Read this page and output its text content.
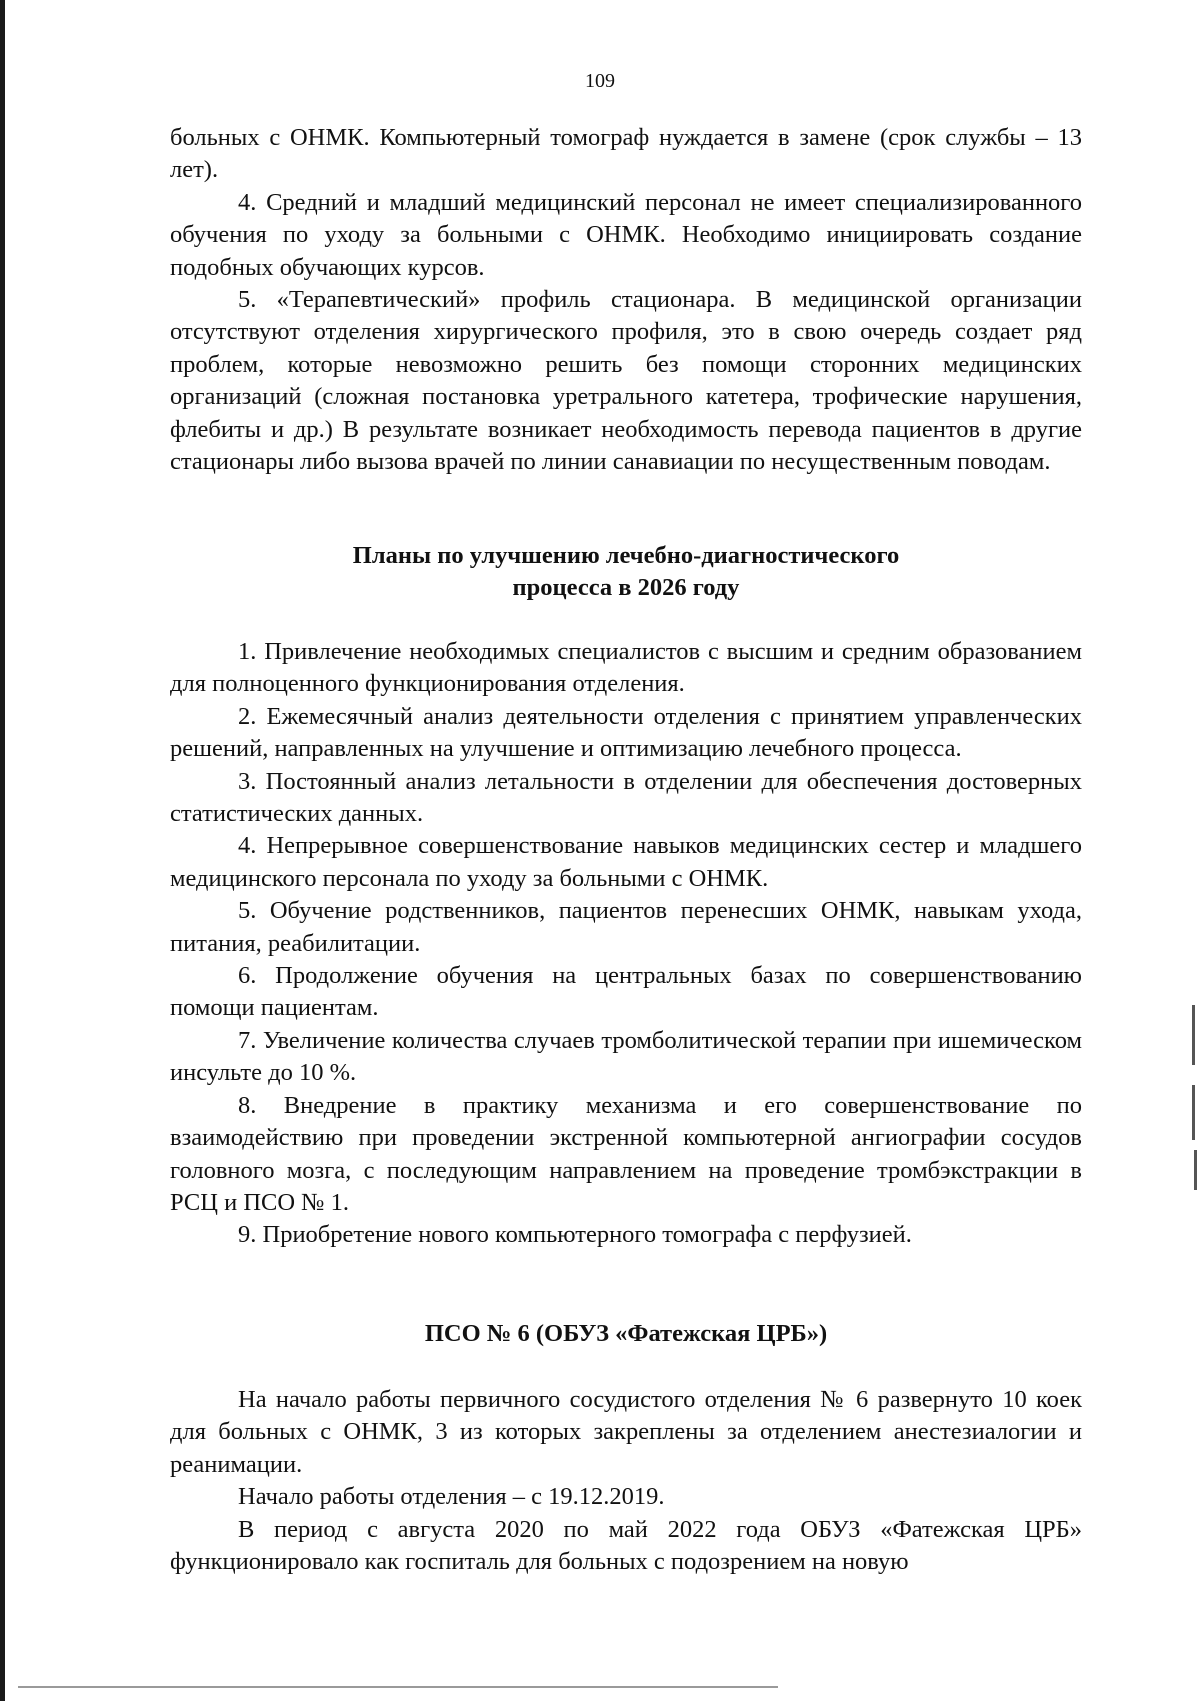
109

больных с ОНМК. Компьютерный томограф нуждается в замене (срок службы – 13 лет).

4. Средний и младший медицинский персонал не имеет специализированного обучения по уходу за больными с ОНМК. Необходимо инициировать создание подобных обучающих курсов.

5. «Терапевтический» профиль стационара. В медицинской организации отсутствуют отделения хирургического профиля, это в свою очередь создает ряд проблем, которые невозможно решить без помощи сторонних медицинских организаций (сложная постановка уретрального катетера, трофические нарушения, флебиты и др.) В результате возникает необходимость перевода пациентов в другие стационары либо вызова врачей по линии санавиации по несущественным поводам.

Планы по улучшению лечебно-диагностического
процесса в 2026 году

1. Привлечение необходимых специалистов с высшим и средним образованием для полноценного функционирования отделения.

2. Ежемесячный анализ деятельности отделения с принятием управленческих решений, направленных на улучшение и оптимизацию лечебного процесса.

3. Постоянный анализ летальности в отделении для обеспечения достоверных статистических данных.

4. Непрерывное совершенствование навыков медицинских сестер и младшего медицинского персонала по уходу за больными с ОНМК.

5. Обучение родственников, пациентов перенесших ОНМК, навыкам ухода, питания, реабилитации.

6. Продолжение обучения на центральных базах по совершенствованию помощи пациентам.

7. Увеличение количества случаев тромболитической терапии при ишемическом инсульте до 10 %.

8. Внедрение в практику механизма и его совершенствование по взаимодействию при проведении экстренной компьютерной ангиографии сосудов головного мозга, с последующим направлением на проведение тромбэкстракции в РСЦ и ПСО № 1.

9. Приобретение нового компьютерного томографа с перфузией.

ПСО № 6 (ОБУЗ «Фатежская ЦРБ»)

На начало работы первичного сосудистого отделения № 6 развернуто 10 коек для больных с ОНМК, 3 из которых закреплены за отделением анестезиалогии и реанимации.

Начало работы отделения – с 19.12.2019.

В период с августа 2020 по май 2022 года ОБУЗ «Фатежская ЦРБ» функционировало как госпиталь для больных с подозрением на новую
